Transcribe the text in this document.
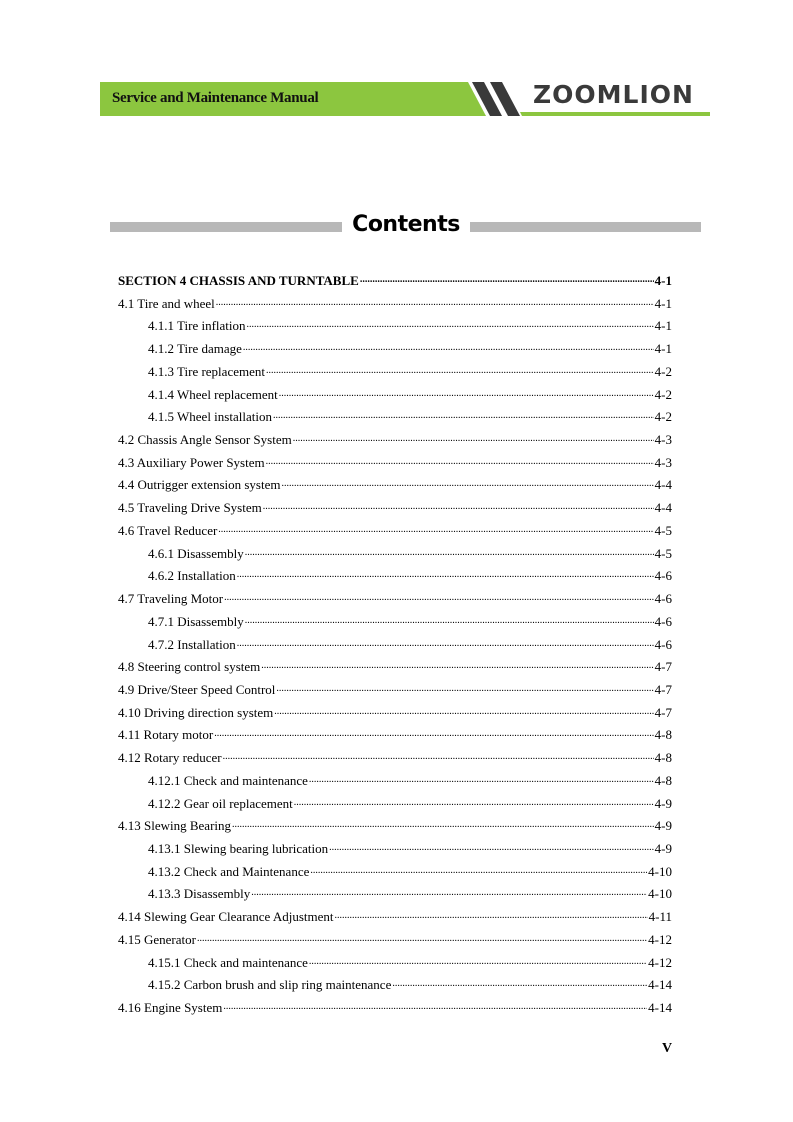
Service and Maintenance Manual	ZOOMLION
Contents
SECTION 4 CHASSIS AND TURNTABLE .....	4-1
4.1 Tire and wheel .....	4-1
4.1.1 Tire inflation .....	4-1
4.1.2 Tire damage .....	4-1
4.1.3 Tire replacement .....	4-2
4.1.4 Wheel replacement .....	4-2
4.1.5 Wheel installation .....	4-2
4.2 Chassis Angle Sensor System .....	4-3
4.3 Auxiliary Power System .....	4-3
4.4 Outrigger extension system .....	4-4
4.5 Traveling Drive System .....	4-4
4.6 Travel Reducer .....	4-5
4.6.1 Disassembly .....	4-5
4.6.2 Installation .....	4-6
4.7 Traveling Motor .....	4-6
4.7.1 Disassembly .....	4-6
4.7.2 Installation .....	4-6
4.8 Steering control system .....	4-7
4.9 Drive/Steer Speed Control .....	4-7
4.10 Driving direction system .....	4-7
4.11 Rotary motor .....	4-8
4.12 Rotary reducer .....	4-8
4.12.1 Check and maintenance .....	4-8
4.12.2 Gear oil replacement .....	4-9
4.13 Slewing Bearing .....	4-9
4.13.1 Slewing bearing lubrication .....	4-9
4.13.2 Check and Maintenance .....	4-10
4.13.3 Disassembly .....	4-10
4.14 Slewing Gear Clearance Adjustment .....	4-11
4.15 Generator .....	4-12
4.15.1 Check and maintenance .....	4-12
4.15.2 Carbon brush and slip ring maintenance .....	4-14
4.16 Engine System .....	4-14
V
